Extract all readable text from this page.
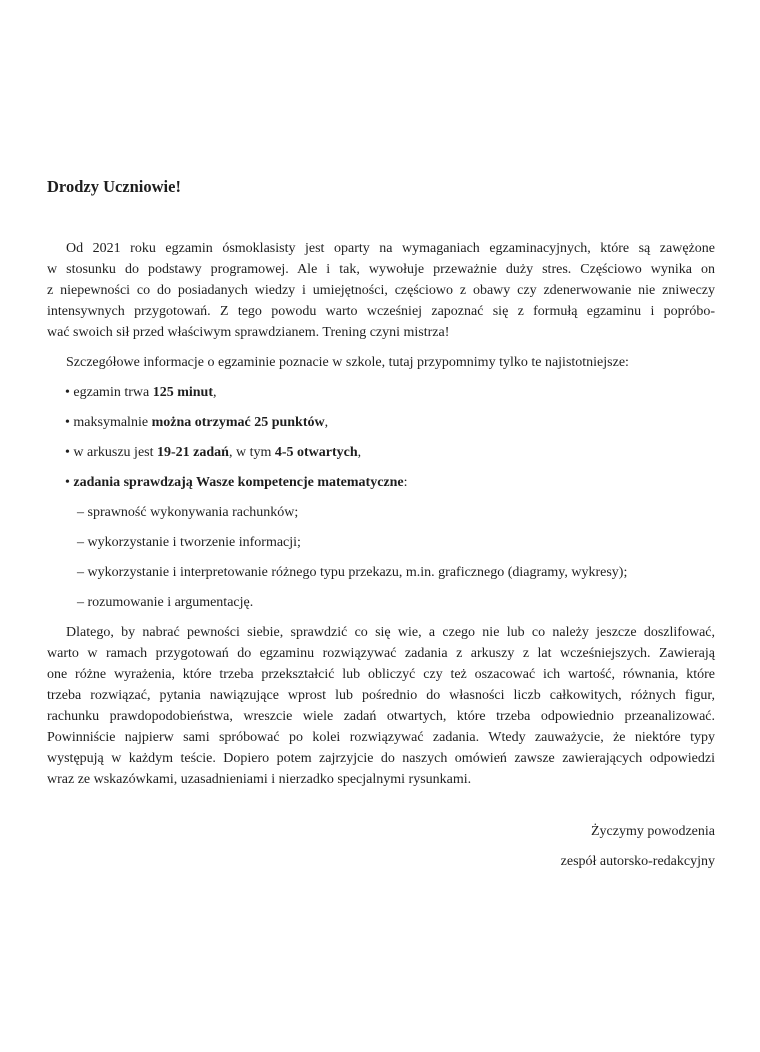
Drodzy Uczniowie!

Od 2021 roku egzamin ósmoklasisty jest oparty na wymaganiach egzaminacyjnych, które są zawężone
w stosunku do podstawy programowej. Ale i tak, wywołuje przeważnie duży stres. Częściowo wynika on
z niepewności co do posiadanych wiedzy i umiejętności, częściowo z obawy czy zdenerwowanie nie zniweczy
intensywnych przygotowań. Z tego powodu warto wcześniej zapoznać się z formułą egzaminu i popróbo-
wać swoich sił przed właściwym sprawdzianem. Trening czyni mistrza!

Szczegółowe informacje o egzaminie poznacie w szkole, tutaj przypomnimy tylko te najistotniejsze:

• egzamin trwa 125 minut,
• maksymalnie można otrzymać 25 punktów,
• w arkuszu jest 19-21 zadań, w tym 4-5 otwartych,
• zadania sprawdzają Wasze kompetencje matematyczne:
– sprawność wykonywania rachunków;
– wykorzystanie i tworzenie informacji;
– wykorzystanie i interpretowanie różnego typu przekazu, m.in. graficznego (diagramy, wykresy);
– rozumowanie i argumentację.

Dlatego, by nabrać pewności siebie, sprawdzić co się wie, a czego nie lub co należy jeszcze doszlifować,
warto w ramach przygotowań do egzaminu rozwiązywać zadania z arkuszy z lat wcześniejszych. Zawierają
one różne wyrażenia, które trzeba przekształcić lub obliczyć czy też oszacować ich wartość, równania, które
trzeba rozwiązać, pytania nawiązujące wprost lub pośrednio do własności liczb całkowitych, różnych figur,
rachunku prawdopodobieństwa, wreszcie wiele zadań otwartych, które trzeba odpowiednio przeanalizować.
Powinniście najpierw sami spróbować po kolei rozwiązywać zadania. Wtedy zauważycie, że niektóre typy
występują w każdym teście. Dopiero potem zajrzyjcie do naszych omówień zawsze zawierających odpowiedzi
wraz ze wskazówkami, uzasadnieniami i nierzadko specjalnymi rysunkami.

Życzymy powodzenia
zespół autorsko-redakcyjny
